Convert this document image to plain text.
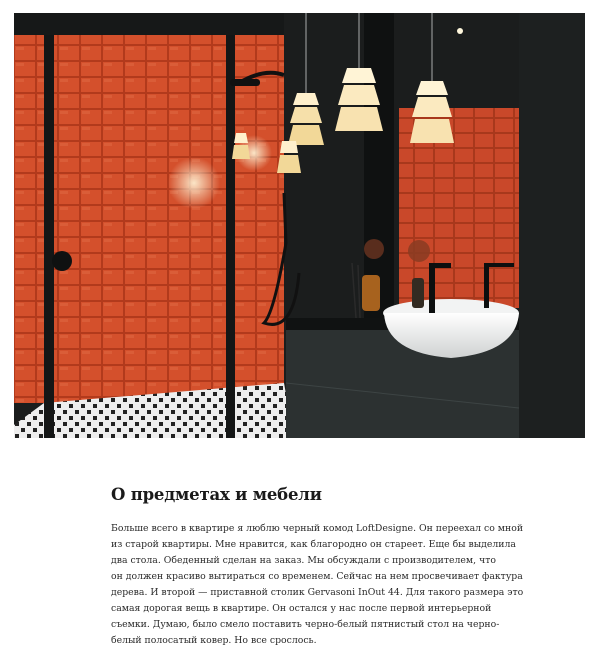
О предметах и мебели

Больше всего в квартире я люблю черный комод LoftDesigne. Он переехал со мной
из старой квартиры. Мне нравится, как благородно он стареет. Еще бы выделила
два стола. Обеденный сделан на заказ. Мы обсуждали с производителем, что
он должен красиво вытираться со временем. Сейчас на нем просвечивает фактура
дерева. И второй — приставной столик Gervasoni InOut 44. Для такого размера это
самая дорогая вещь в квартире. Он остался у нас после первой интерьерной
съемки. Думаю, было смело поставить черно-белый пятнистый стол на черно-
белый полосатый ковер. Но все срослось.
